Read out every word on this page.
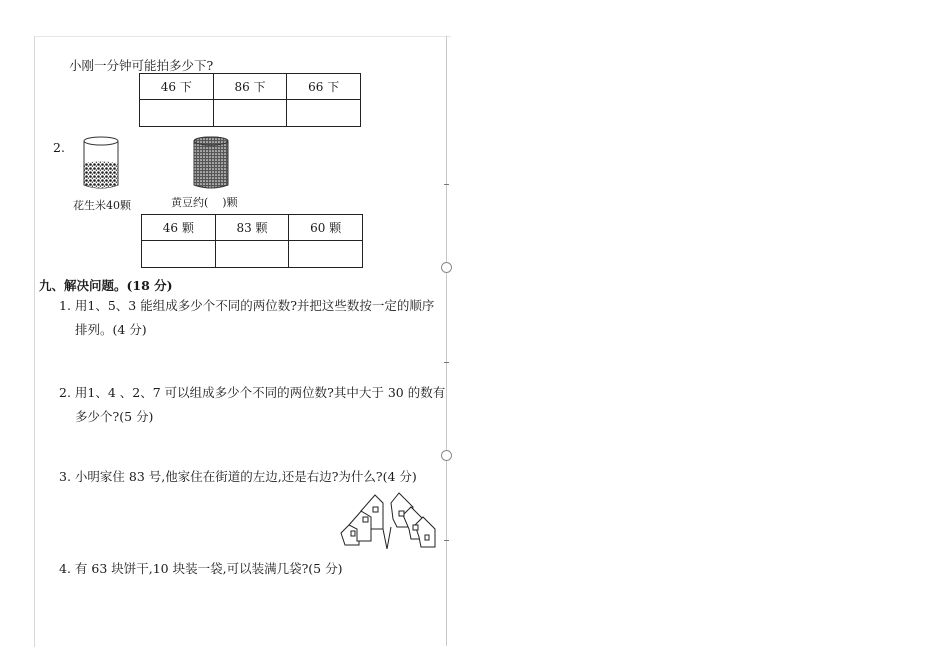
小刚一分钟可能拍多少下?
46 下	86 下	66 下

2.
花生米40颗	黄豆约(    )颗
46 颗	83 颗	60 颗

九、解决问题。(18 分)
1. 用1、5、3 能组成多少个不同的两位数?并把这些数按一定的顺序
排列。(4 分)
2. 用1、4 、2、7 可以组成多少个不同的两位数?其中大于 30 的数有
多少个?(5 分)
3. 小明家住 83 号,他家住在街道的左边,还是右边?为什么?(4 分)
4. 有 63 块饼干,10 块装一袋,可以装满几袋?(5 分)
